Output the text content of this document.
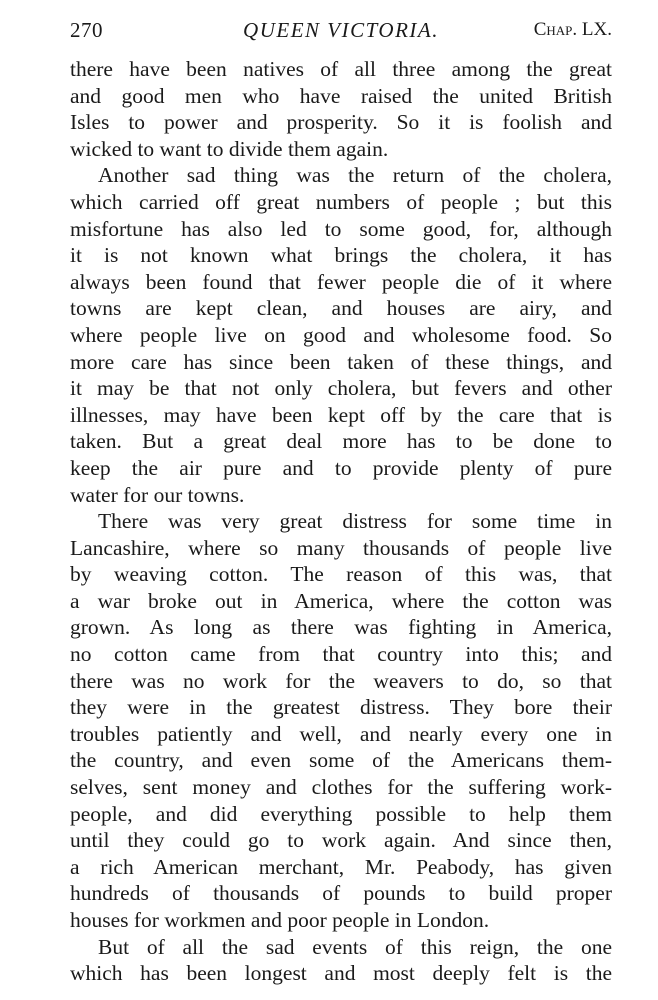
270	QUEEN VICTORIA.	Chap. LX.
there have been natives of all three among the great
and good men who have raised the united British
Isles to power and prosperity. So it is foolish and
wicked to want to divide them again.
Another sad thing was the return of the cholera,
which carried off great numbers of people ; but this
misfortune has also led to some good, for, although
it is not known what brings the cholera, it has
always been found that fewer people die of it where
towns are kept clean, and houses are airy, and
where people live on good and wholesome food. So
more care has since been taken of these things, and
it may be that not only cholera, but fevers and other
illnesses, may have been kept off by the care that is
taken. But a great deal more has to be done to
keep the air pure and to provide plenty of pure
water for our towns.
There was very great distress for some time in
Lancashire, where so many thousands of people live
by weaving cotton. The reason of this was, that
a war broke out in America, where the cotton was
grown. As long as there was fighting in America,
no cotton came from that country into this; and
there was no work for the weavers to do, so that
they were in the greatest distress. They bore their
troubles patiently and well, and nearly every one in
the country, and even some of the Americans them-
selves, sent money and clothes for the suffering work-
people, and did everything possible to help them
until they could go to work again. And since then,
a rich American merchant, Mr. Peabody, has given
hundreds of thousands of pounds to build proper
houses for workmen and poor people in London.
But of all the sad events of this reign, the one
which has been longest and most deeply felt is the
